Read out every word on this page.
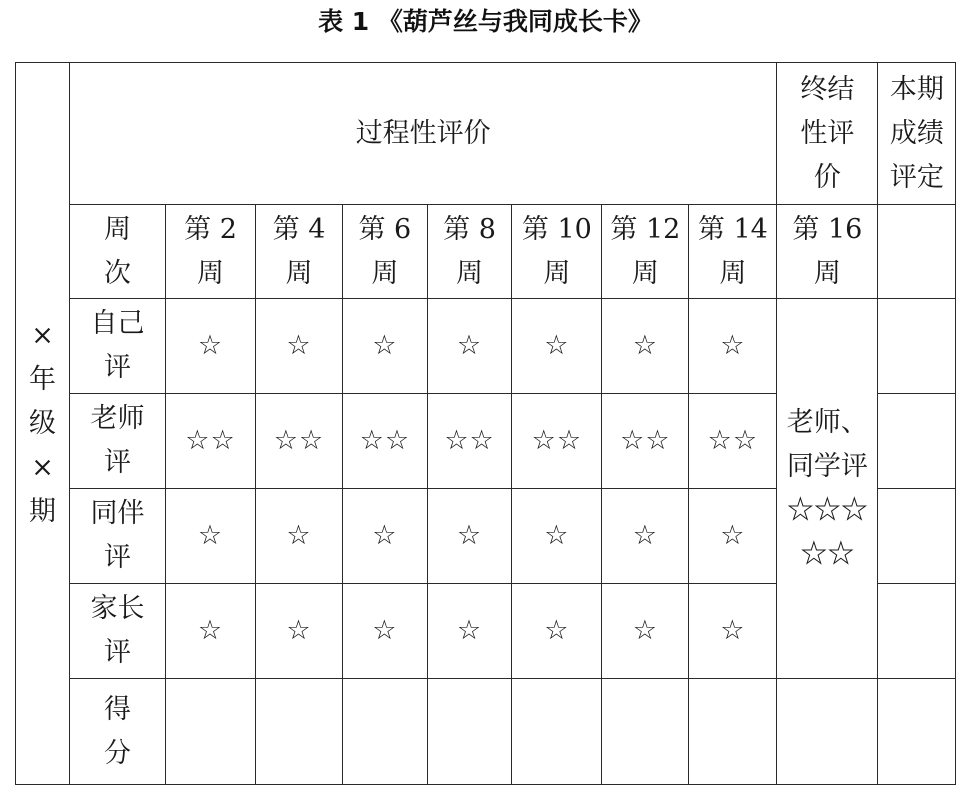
表 1 《葫芦丝与我同成长卡》
×年级×期	过程性评价								终结性评价	本期成绩评定
	周次	第 2 周	第 4 周	第 6 周	第 8 周	第 10 周	第 12 周	第 14 周	第 16 周	
	自己评	☆	☆	☆	☆	☆	☆	☆	老师、同学评☆☆☆☆☆	
	老师评	☆☆	☆☆	☆☆	☆☆	☆☆	☆☆	☆☆		
	同伴评	☆	☆	☆	☆	☆	☆	☆		
	家长评	☆	☆	☆	☆	☆	☆	☆		
	得分									
